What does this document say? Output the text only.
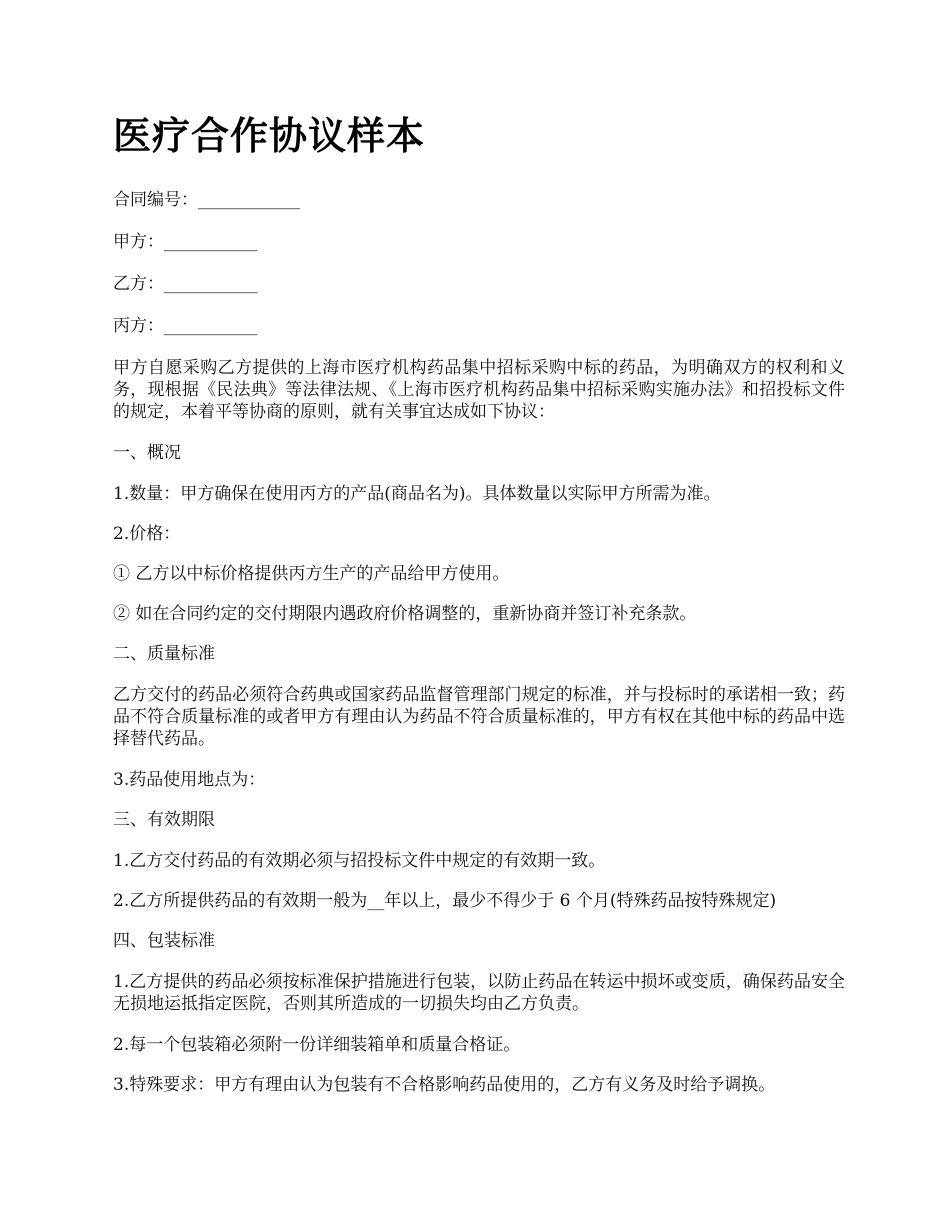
医疗合作协议样本
合同编号：____________
甲方：___________
乙方：___________
丙方：___________

甲方自愿采购乙方提供的上海市医疗机构药品集中招标采购中标的药品，为明确双方的权利和义务，现根据《民法典》等法律法规、《上海市医疗机构药品集中招标采购实施办法》和招投标文件的规定，本着平等协商的原则，就有关事宜达成如下协议：

一、概况

1.数量：甲方确保在使用丙方的产品(商品名为)。具体数量以实际甲方所需为准。

2.价格：

① 乙方以中标价格提供丙方生产的产品给甲方使用。

② 如在合同约定的交付期限内遇政府价格调整的，重新协商并签订补充条款。

二、质量标准

乙方交付的药品必须符合药典或国家药品监督管理部门规定的标准，并与投标时的承诺相一致；药品不符合质量标准的或者甲方有理由认为药品不符合质量标准的，甲方有权在其他中标的药品中选择替代药品。

3.药品使用地点为：

三、有效期限

1.乙方交付药品的有效期必须与招投标文件中规定的有效期一致。

2.乙方所提供药品的有效期一般为__年以上，最少不得少于 6 个月(特殊药品按特殊规定)

四、包装标准

1.乙方提供的药品必须按标准保护措施进行包装，以防止药品在转运中损坏或变质，确保药品安全无损地运抵指定医院，否则其所造成的一切损失均由乙方负责。

2.每一个包装箱必须附一份详细装箱单和质量合格证。

3.特殊要求：甲方有理由认为包装有不合格影响药品使用的，乙方有义务及时给予调换。
